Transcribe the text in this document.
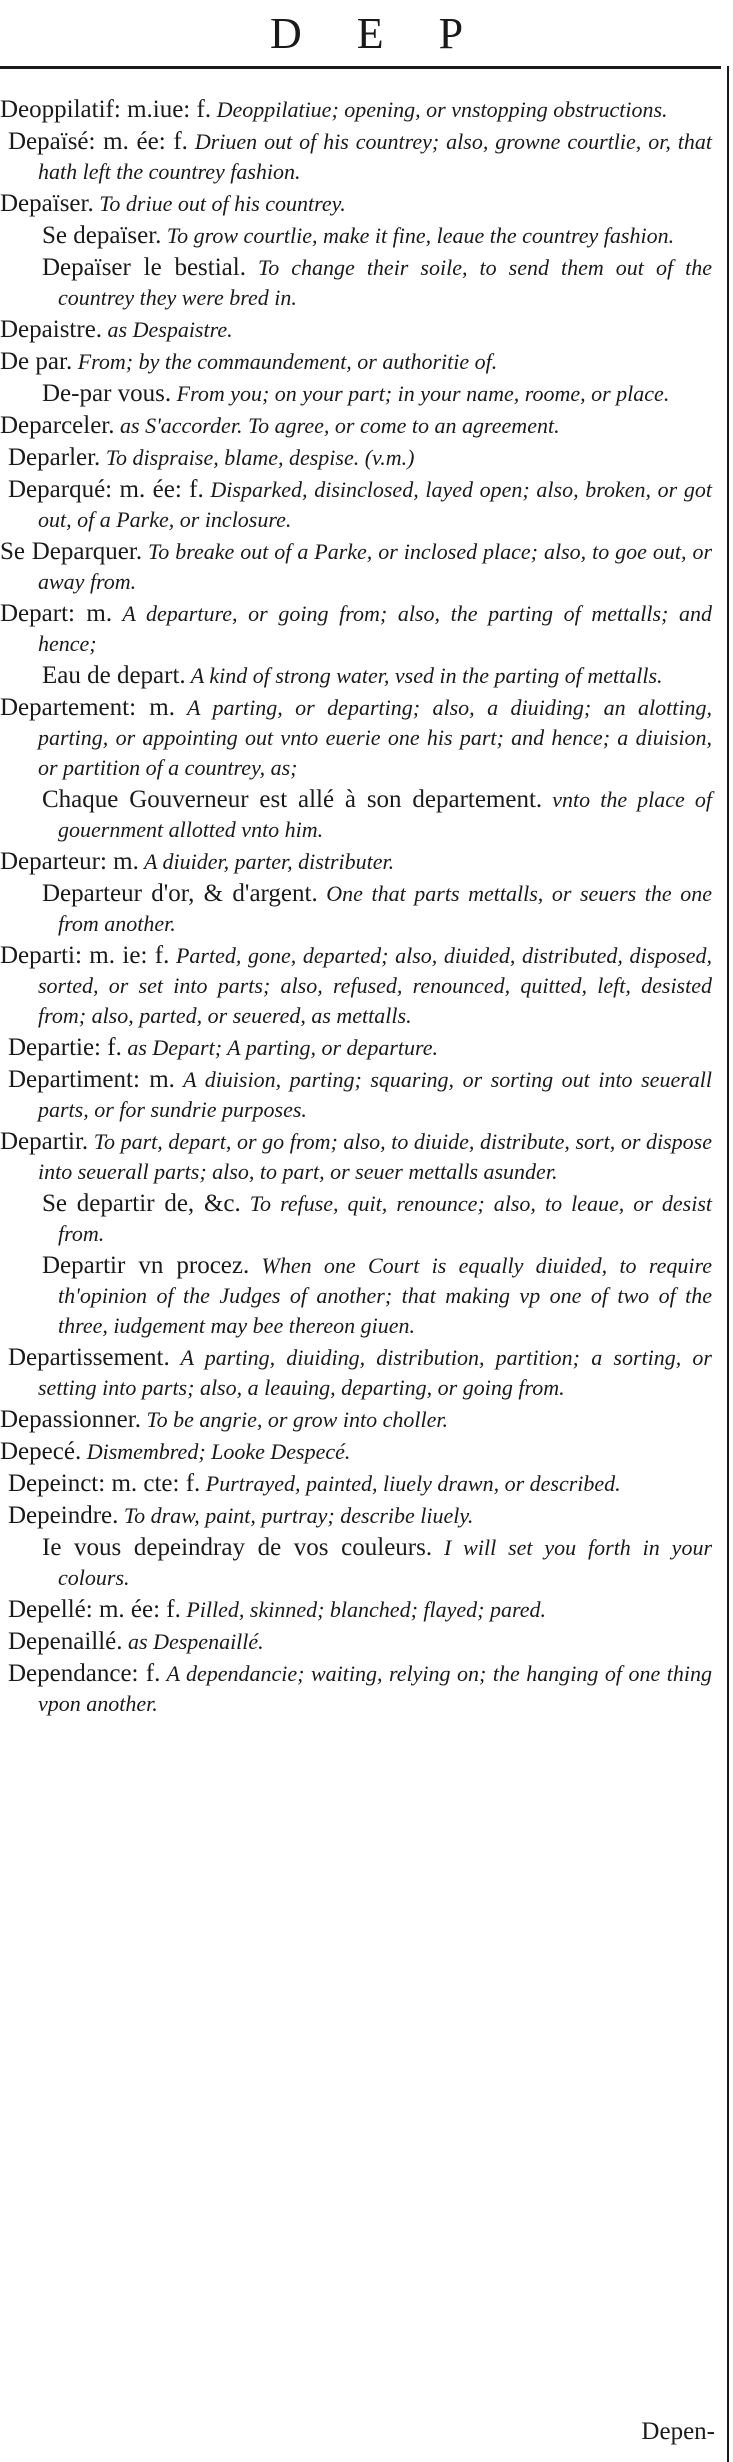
D E P

Deoppilatif: m.iue: f. Deoppilatiue; opening, or vnstopping obstructions.

Depaïsé: m. ée: f. Driuen out of his countrey; also, growne courtlie, or, that hath left the countrey fashion.

Depaïser. To driue out of his countrey.

Se depaïser. To grow courtlie, make it fine, leaue the countrey fashion.

Depaïser le bestial. To change their soile, to send them out of the countrey they were bred in.

Depaistre. as Despaistre.

De par. From; by the commaundement, or authoritie of.

De-par vous. From you; on your part; in your name, roome, or place.

Deparceler. as S'accorder. To agree, or come to an agreement.

Deparler. To dispraise, blame, despise. (v.m.)

Deparqué: m. ée: f. Disparked, disinclosed, layed open; also, broken, or got out, of a Parke, or inclosure.

Se Deparquer. To breake out of a Parke, or inclosed place; also, to goe out, or away from.

Depart: m. A departure, or going from; also, the parting of mettalls; and hence;

Eau de depart. A kind of strong water, vsed in the parting of mettalls.

Departement: m. A parting, or departing; also, a diuiding; an alotting, parting, or appointing out vnto euerie one his part; and hence; a diuision, or partition of a countrey, as;

Chaque Gouverneur est allé à son departement. vnto the place of gouernment allotted vnto him.

Departeur: m. A diuider, parter, distributer.

Departeur d'or, & d'argent. One that parts mettalls, or seuers the one from another.

Departi: m. ie: f. Parted, gone, departed; also, diuided, distributed, disposed, sorted, or set into parts; also, refused, renounced, quitted, left, desisted from; also, parted, or seuered, as mettalls.

Departie: f. as Depart; A parting, or departure.

Departiment: m. A diuision, parting; squaring, or sorting out into seuerall parts, or for sundrie purposes.

Departir. To part, depart, or go from; also, to diuide, distribute, sort, or dispose into seuerall parts; also, to part, or seuer mettalls asunder.

Se departir de, &c. To refuse, quit, renounce; also, to leaue, or desist from.

Departir vn procez. When one Court is equally diuided, to require th'opinion of the Judges of another; that making vp one of two of the three, iudgement may bee thereon giuen.

Departissement. A parting, diuiding, distribution, partition; a sorting, or setting into parts; also, a leauing, departing, or going from.

Depassionner. To be angrie, or grow into choller.

Depecé. Dismembred; Looke Despecé.

Depeinct: m. cte: f. Purtrayed, painted, liuely drawn, or described.

Depeindre. To draw, paint, purtray; describe liuely.

Ie vous depeindray de vos couleurs. I will set you forth in your colours.

Depellé: m. ée: f. Pilled, skinned; blanched; flayed; pared.

Depenaillé. as Despenaillé.

Dependance: f. A dependancie; waiting, relying on; the hanging of one thing vpon another.

Depen-
